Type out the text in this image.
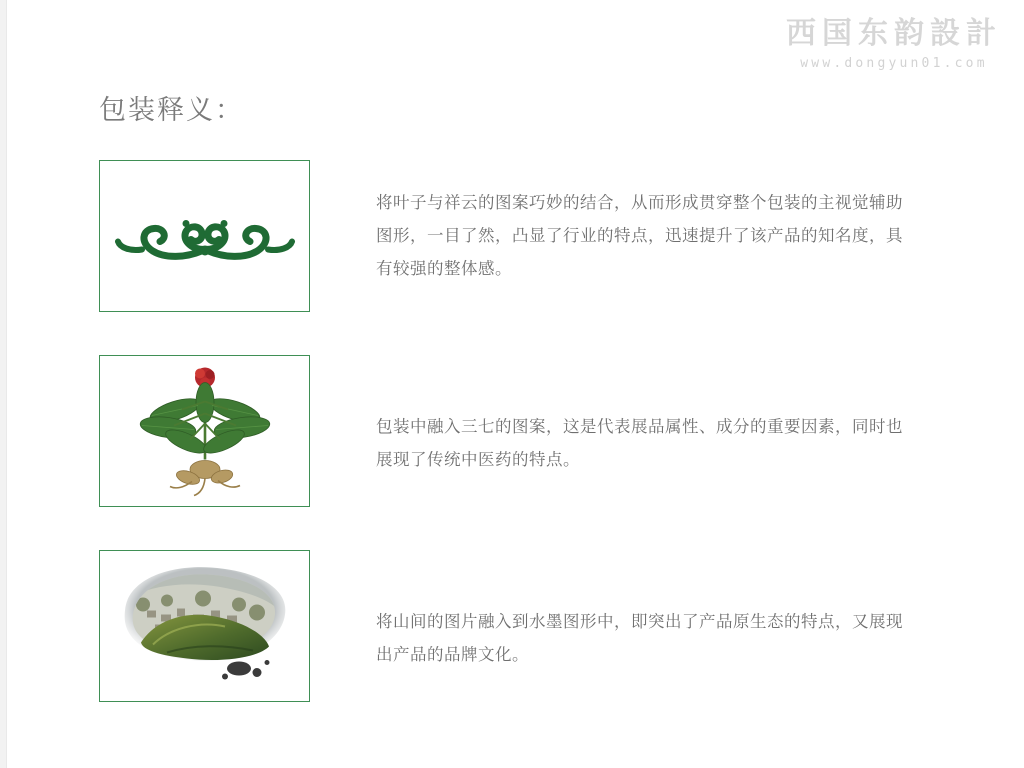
西国东韵設計
www.dongyun01.com
包装释义：
将叶子与祥云的图案巧妙的结合，从而形成贯穿整个包装的主视觉辅助图形，一目了然，凸显了行业的特点，迅速提升了该产品的知名度，具有较强的整体感。
包装中融入三七的图案，这是代表展品属性、成分的重要因素，同时也展现了传统中医药的特点。
将山间的图片融入到水墨图形中，即突出了产品原生态的特点，又展现出产品的品牌文化。
